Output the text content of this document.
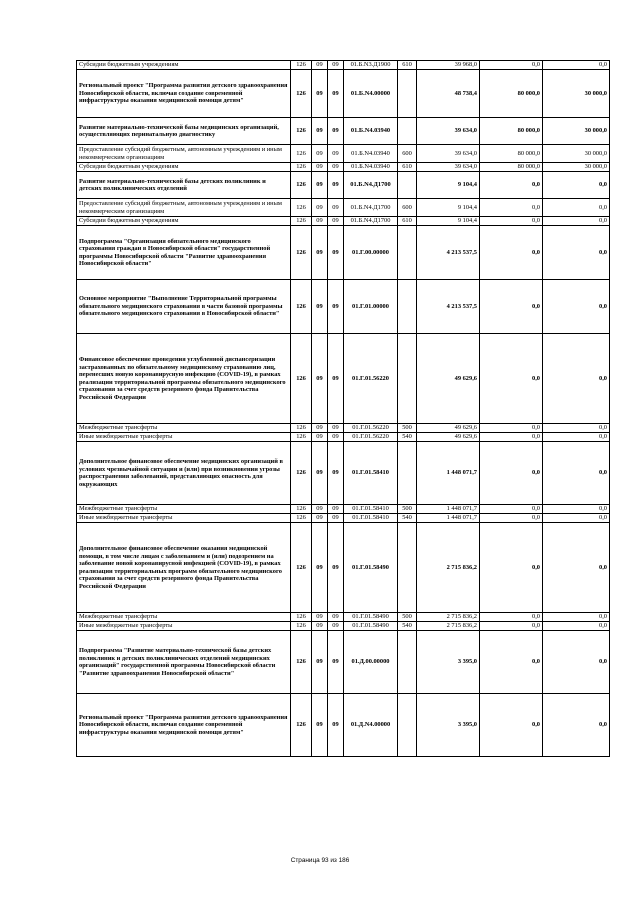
Субсидии бюджетным учреждениям	126	09	09	01.Б.N3.Д1900	610	39 968,0	0,0	0,0
Региональный проект "Программа развития детского здравоохранения Новосибирской области, включая создание современной инфраструктуры оказания медицинской помощи детям"	126	09	09	01.Б.N4.00000		48 738,4	80 000,0	30 000,0
Развитие материально-технической базы медицинских организаций, осуществляющих перинатальную диагностику	126	09	09	01.Б.N4.03940		39 634,0	80 000,0	30 000,0
Предоставление субсидий бюджетным, автономным учреждениям и иным некоммерческим организациям	126	09	09	01.Б.N4.03940	600	39 634,0	80 000,0	30 000,0
Субсидии бюджетным учреждениям	126	09	09	01.Б.N4.03940	610	39 634,0	80 000,0	30 000,0
Развитие материально-технической базы детских поликлиник и детских поликлинических отделений	126	09	09	01.Б.N4.Д1700		9 104,4	0,0	0,0
Предоставление субсидий бюджетным, автономным учреждениям и иным некоммерческим организациям	126	09	09	01.Б.N4.Д1700	600	9 104,4	0,0	0,0
Субсидии бюджетным учреждениям	126	09	09	01.Б.N4.Д1700	610	9 104,4	0,0	0,0
Подпрограмма "Организация обязательного медицинского страхования граждан в Новосибирской области" государственной программы Новосибирской области "Развитие здравоохранения Новосибирской области"	126	09	09	01.Г.00.00000		4 213 537,5	0,0	0,0
Основное мероприятие "Выполнение Территориальной программы обязательного медицинского страхования в части базовой программы обязательного медицинского страхования в Новосибирской области"	126	09	09	01.Г.01.00000		4 213 537,5	0,0	0,0
Финансовое обеспечение проведения углубленной диспансеризации застрахованных по обязательному медицинскому страхованию лиц, перенесших новую коронавирусную инфекцию (COVID-19), в рамках реализации территориальной программы обязательного медицинского страхования за счет средств резервного фонда Правительства Российской Федерации	126	09	09	01.Г.01.56220		49 629,6	0,0	0,0
Межбюджетные трансферты	126	09	09	01.Г.01.56220	500	49 629,6	0,0	0,0
Иные межбюджетные трансферты	126	09	09	01.Г.01.56220	540	49 629,6	0,0	0,0
Дополнительное финансовое обеспечение медицинских организаций в условиях чрезвычайной ситуации и (или) при возникновении угрозы распространения заболеваний, представляющих опасность для окружающих	126	09	09	01.Г.01.58410		1 448 071,7	0,0	0,0
Межбюджетные трансферты	126	09	09	01.Г.01.58410	500	1 448 071,7	0,0	0,0
Иные межбюджетные трансферты	126	09	09	01.Г.01.58410	540	1 448 071,7	0,0	0,0
Дополнительное финансовое обеспечение оказания медицинской помощи, в том числе лицам с заболеванием и (или) подозрением на заболевание новой коронавирусной инфекцией (COVID-19), в рамках реализации территориальных программ обязательного медицинского страхования за счет средств резервного фонда Правительства Российской Федерации	126	09	09	01.Г.01.58490		2 715 836,2	0,0	0,0
Межбюджетные трансферты	126	09	09	01.Г.01.58490	500	2 715 836,2	0,0	0,0
Иные межбюджетные трансферты	126	09	09	01.Г.01.58490	540	2 715 836,2	0,0	0,0
Подпрограмма "Развитие материально-технической базы детских поликлиник и детских поликлинических отделений медицинских организаций" государственной программы Новосибирской области "Развитие здравоохранения Новосибирской области"	126	09	09	01.Д.00.00000		3 395,0	0,0	0,0
Региональный проект "Программа развития детского здравоохранения Новосибирской области, включая создание современной инфраструктуры оказания медицинской помощи детям"	126	09	09	01.Д.N4.00000		3 395,0	0,0	0,0
Страница 93 из 186
